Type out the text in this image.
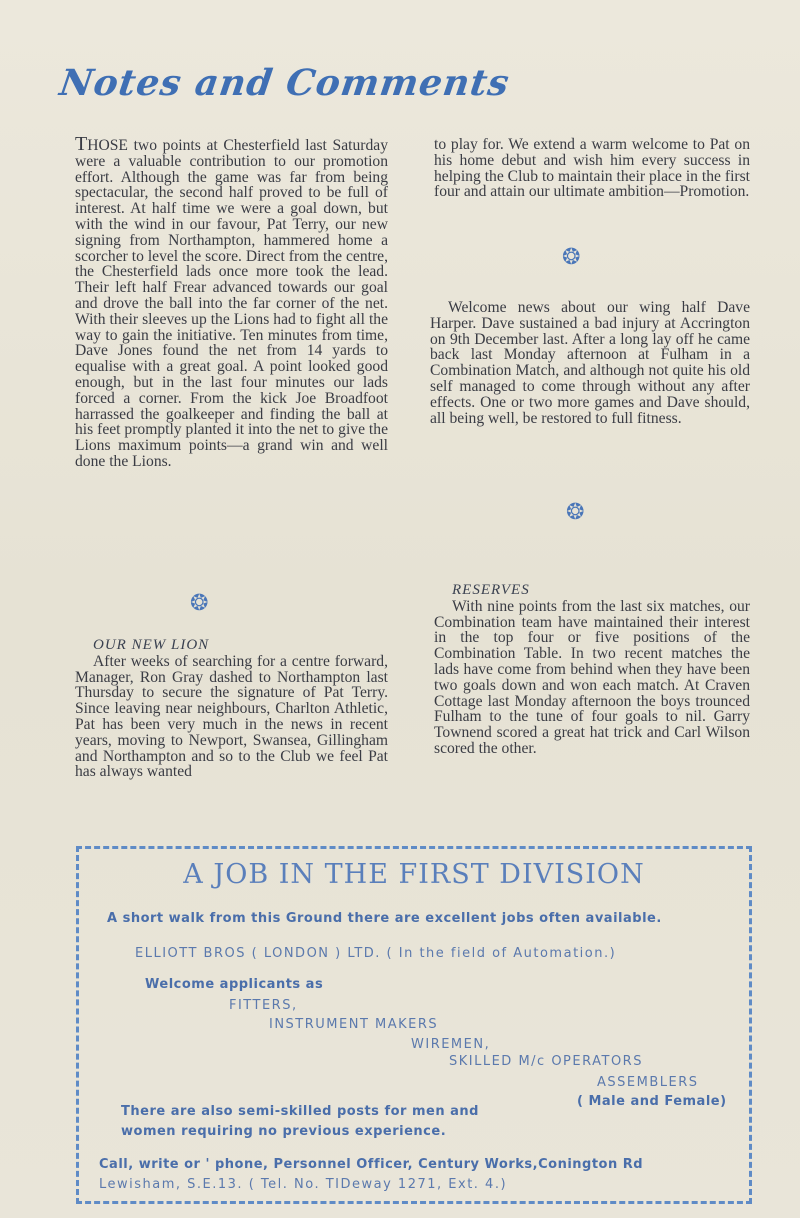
Notes and Comments

THOSE two points at Chesterfield last Saturday were a valuable contribution to our promotion effort. Although the game was far from being spectacular, the second half proved to be full of interest. At half time we were a goal down, but with the wind in our favour, Pat Terry, our new signing from Northampton, hammered home a scorcher to level the score. Direct from the centre, the Chesterfield lads once more took the lead. Their left half Frear advanced towards our goal and drove the ball into the far corner of the net. With their sleeves up the Lions had to fight all the way to gain the initiative. Ten minutes from time, Dave Jones found the net from 14 yards to equalise with a great goal. A point looked good enough, but in the last four minutes our lads forced a corner. From the kick Joe Broadfoot harrassed the goalkeeper and finding the ball at his feet promptly planted it into the net to give the Lions maximum points—a grand win and well done the Lions.

❂

OUR NEW LION

After weeks of searching for a centre forward, Manager, Ron Gray dashed to Northampton last Thursday to secure the signature of Pat Terry. Since leaving near neighbours, Charlton Athletic, Pat has been very much in the news in recent years, moving to Newport, Swansea, Gillingham and Northampton and so to the Club we feel Pat has always wanted

to play for. We extend a warm welcome to Pat on his home debut and wish him every success in helping the Club to maintain their place in the first four and attain our ultimate ambition—Promotion.

❂

Welcome news about our wing half Dave Harper. Dave sustained a bad injury at Accrington on 9th December last. After a long lay off he came back last Monday afternoon at Fulham in a Combination Match, and although not quite his old self managed to come through without any after effects. One or two more games and Dave should, all being well, be restored to full fitness.

❂

RESERVES

With nine points from the last six matches, our Combination team have maintained their interest in the top four or five positions of the Combination Table. In two recent matches the lads have come from behind when they have been two goals down and won each match. At Craven Cottage last Monday afternoon the boys trounced Fulham to the tune of four goals to nil. Garry Townend scored a great hat trick and Carl Wilson scored the other.

A JOB IN THE FIRST DIVISION
A short walk from this Ground there are excellent jobs often available.
ELLIOTT BROS ( LONDON ) LTD. ( In the field of Automation.)
Welcome applicants as
FITTERS,
INSTRUMENT MAKERS
WIREMEN,
SKILLED M/c OPERATORS
ASSEMBLERS
( Male and Female)
There are also semi-skilled posts for men and
women requiring no previous experience.
Call, write or ' phone, Personnel Officer, Century Works,Conington Rd
Lewisham, S.E.13. ( Tel. No. TIDeway 1271, Ext. 4.)
